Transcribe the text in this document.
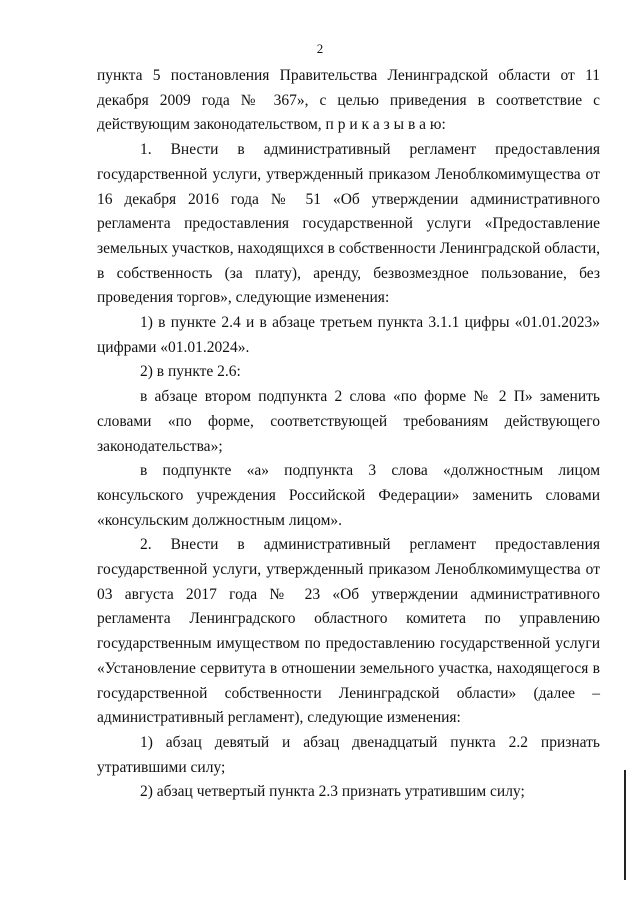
2

пункта 5 постановления Правительства Ленинградской области от 11 декабря 2009 года № 367», с целью приведения в соответствие с действующим законодательством, п р и к а з ы в а ю:

1. Внести в административный регламент предоставления государственной услуги, утвержденный приказом Леноблкомимущества от 16 декабря 2016 года № 51 «Об утверждении административного регламента предоставления государственной услуги «Предоставление земельных участков, находящихся в собственности Ленинградской области, в собственность (за плату), аренду, безвозмездное пользование, без проведения торгов», следующие изменения:

1) в пункте 2.4 и в абзаце третьем пункта 3.1.1 цифры «01.01.2023» цифрами «01.01.2024».

2) в пункте 2.6:

в абзаце втором подпункта 2 слова «по форме № 2 П» заменить словами «по форме, соответствующей требованиям действующего законодательства»;

в подпункте «а» подпункта 3 слова «должностным лицом консульского учреждения Российской Федерации» заменить словами «консульским должностным лицом».

2. Внести в административный регламент предоставления государственной услуги, утвержденный приказом Леноблкомимущества от 03 августа 2017 года № 23 «Об утверждении административного регламента Ленинградского областного комитета по управлению государственным имуществом по предоставлению государственной услуги «Установление сервитута в отношении земельного участка, находящегося в государственной собственности Ленинградской области» (далее – административный регламент), следующие изменения:

1) абзац девятый и абзац двенадцатый пункта 2.2 признать утратившими силу;

2) абзац четвертый пункта 2.3 признать утратившим силу;
